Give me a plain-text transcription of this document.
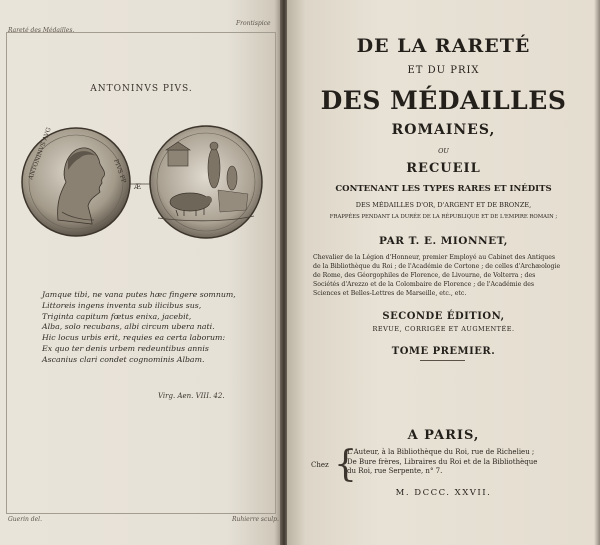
Rareté des Médailles.
Frontispice
ANTONINVS PIVS.
ANTONINVS AVG	PIVS PP
Æ
Jamque tibi, ne vana putes hæc fingere somnum,
Littoreis ingens inventa sub ilicibus sus,
Triginta capitum fœtus enixa, jacebit,
Alba, solo recubans, albi circum ubera nati.
Hic locus urbis erit, requies ea certa laborum:
Ex quo ter denis urbem redeuntibus annis
Ascanius clari condet cognominis Albam.
Virg. Aen. VIII. 42.
Guerin del.	Ruhierre sculp.
DE LA RARETÉ
ET DU PRIX
DES MÉDAILLES
ROMAINES,
OU
RECUEIL
CONTENANT LES TYPES RARES ET INÉDITS
DES MÉDAILLES D'OR, D'ARGENT ET DE BRONZE,
FRAPPÉES PENDANT LA DURÉE DE LA RÉPUBLIQUE ET DE L'EMPIRE ROMAIN ;
PAR T. E. MIONNET,
Chevalier de la Légion d'Honneur, premier Employé au Cabinet des Antiques
de la Bibliothèque du Roi ; de l'Académie de Cortone ; de celles d'Archæologie
de Rome, des Géorgophiles de Florence, de Livourne, de Volterra ; des
Sociétés d'Arezzo et de la Colombaire de Florence ; de l'Académie des
Sciences et Belles-Lettres de Marseille, etc., etc.
SECONDE ÉDITION,
REVUE, CORRIGÉE ET AUGMENTÉE.
TOME PREMIER.
A PARIS,
Chez {
L'Auteur, à la Bibliothèque du Roi, rue de Richelieu ;
De Bure frères, Libraires du Roi et de la Bibliothèque
du Roi, rue Serpente, n° 7.
M. DCCC. XXVII.
